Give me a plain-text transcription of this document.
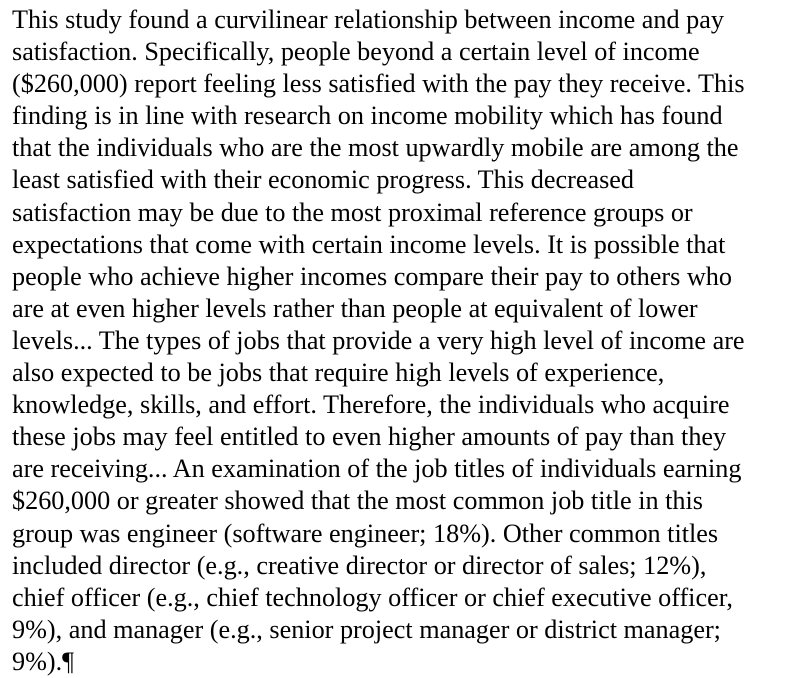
This study found a curvilinear relationship between income and pay
satisfaction. Specifically, people beyond a certain level of income
($260,000) report feeling less satisfied with the pay they receive. This
finding is in line with research on income mobility which has found
that the individuals who are the most upwardly mobile are among the
least satisfied with their economic progress. This decreased
satisfaction may be due to the most proximal reference groups or
expectations that come with certain income levels. It is possible that
people who achieve higher incomes compare their pay to others who
are at even higher levels rather than people at equivalent of lower
levels... The types of jobs that provide a very high level of income are
also expected to be jobs that require high levels of experience,
knowledge, skills, and effort. Therefore, the individuals who acquire
these jobs may feel entitled to even higher amounts of pay than they
are receiving... An examination of the job titles of individuals earning
$260,000 or greater showed that the most common job title in this
group was engineer (software engineer; 18%). Other common titles
included director (e.g., creative director or director of sales; 12%),
chief officer (e.g., chief technology officer or chief executive officer,
9%), and manager (e.g., senior project manager or district manager;
9%).¶
